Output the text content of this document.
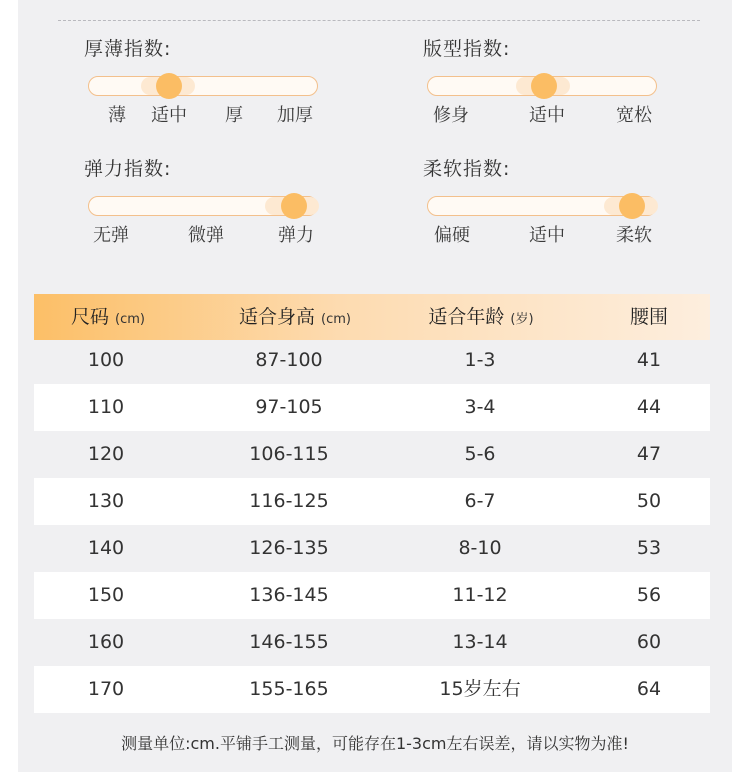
厚薄指数:
薄 适中 厚 加厚
版型指数:
修身	适中	宽松
弹力指数:
无弹	微弹	弹力
柔软指数:
偏硬	适中	柔软
尺码 (cm)	适合身高 (cm)	适合年龄 (岁)	腰围
100	87-100	1-3	41
110	97-105	3-4	44
120	106-115	5-6	47
130	116-125	6-7	50
140	126-135	8-10	53
150	136-145	11-12	56
160	146-155	13-14	60
170	155-165	15岁左右	64
测量单位:cm.平铺手工测量，可能存在1-3cm左右误差，请以实物为准!
